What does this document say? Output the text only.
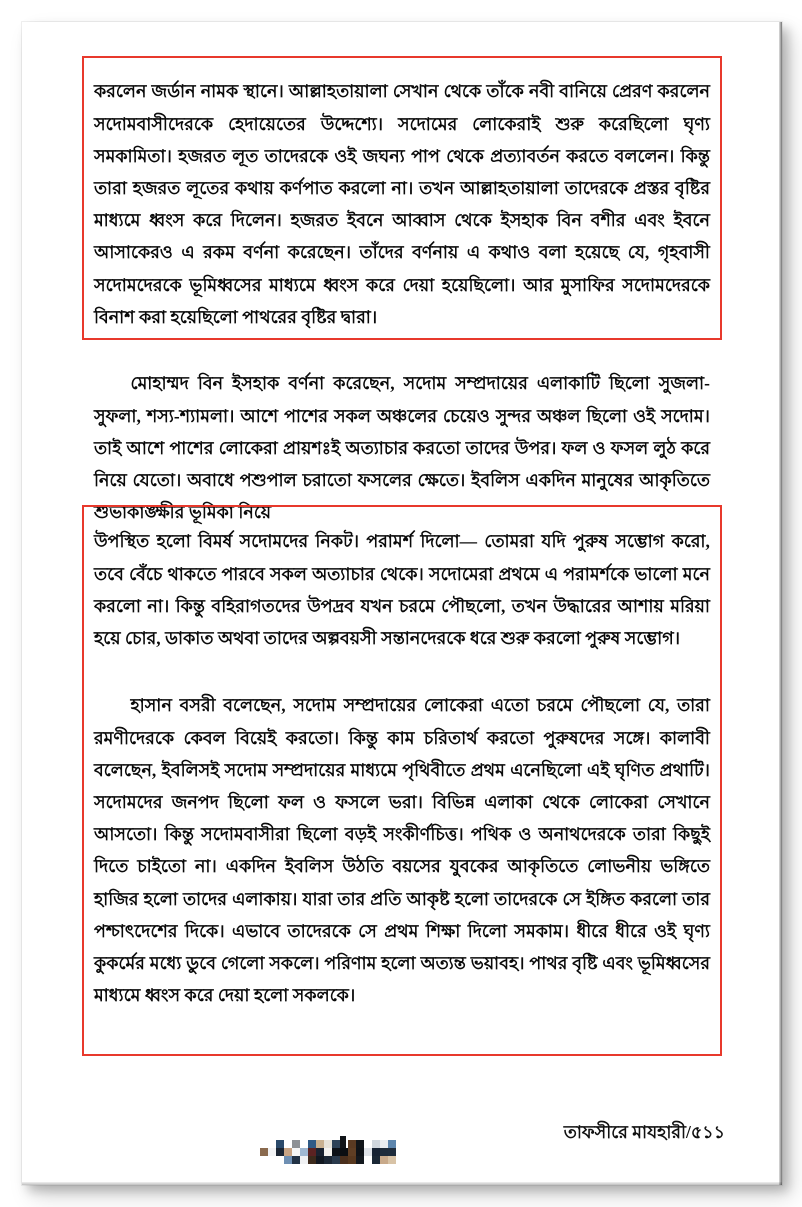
করলেন জর্ডান নামক স্থানে। আল্লাহতায়ালা সেখান থেকে তাঁকে নবী বানিয়ে প্রেরণ করলেন সদোমবাসীদেরকে হেদায়েতের উদ্দেশ্যে। সদোমের লোকেরাই শুরু করেছিলো ঘৃণ্য সমকামিতা। হজরত লূত তাদেরকে ওই জঘন্য পাপ থেকে প্রত্যাবর্তন করতে বললেন। কিন্তু তারা হজরত লূতের কথায় কর্ণপাত করলো না। তখন আল্লাহতায়ালা তাদেরকে প্রস্তর বৃষ্টির মাধ্যমে ধ্বংস করে দিলেন। হজরত ইবনে আব্বাস থেকে ইসহাক বিন বশীর এবং ইবনে আসাকেরও এ রকম বর্ণনা করেছেন। তাঁদের বর্ণনায় এ কথাও বলা হয়েছে যে, গৃহবাসী সদোমদেরকে ভূমিধ্বসের মাধ্যমে ধ্বংস করে দেয়া হয়েছিলো। আর মুসাফির সদোমদেরকে বিনাশ করা হয়েছিলো পাথরের বৃষ্টির দ্বারা।

মোহাম্মদ বিন ইসহাক বর্ণনা করেছেন, সদোম সম্প্রদায়ের এলাকাটি ছিলো সুজলা-সুফলা, শস্য-শ্যামলা। আশে পাশের সকল অঞ্চলের চেয়েও সুন্দর অঞ্চল ছিলো ওই সদোম। তাই আশে পাশের লোকেরা প্রায়শঃই অত্যাচার করতো তাদের উপর। ফল ও ফসল লুঠ করে নিয়ে যেতো। অবাধে পশুপাল চরাতো ফসলের ক্ষেতে। ইবলিস একদিন মানুষের আকৃতিতে শুভাকাঙ্ক্ষীর ভূমিকা নিয়ে

উপস্থিত হলো বিমর্ষ সদোমদের নিকট। পরামর্শ দিলো— তোমরা যদি পুরুষ সম্ভোগ করো, তবে বেঁচে থাকতে পারবে সকল অত্যাচার থেকে। সদোমেরা প্রথমে এ পরামর্শকে ভালো মনে করলো না। কিন্তু বহিরাগতদের উপদ্রব যখন চরমে পৌছলো, তখন উদ্ধারের আশায় মরিয়া হয়ে চোর, ডাকাত অথবা তাদের অল্পবয়সী সন্তানদেরকে ধরে শুরু করলো পুরুষ সম্ভোগ।

হাসান বসরী বলেছেন, সদোম সম্প্রদায়ের লোকেরা এতো চরমে পৌছলো যে, তারা রমণীদেরকে কেবল বিয়েই করতো। কিন্তু কাম চরিতার্থ করতো পুরুষদের সঙ্গে। কালাবী বলেছেন, ইবলিসই সদোম সম্প্রদায়ের মাধ্যমে পৃথিবীতে প্রথম এনেছিলো এই ঘৃণিত প্রথাটি। সদোমদের জনপদ ছিলো ফল ও ফসলে ভরা। বিভিন্ন এলাকা থেকে লোকেরা সেখানে আসতো। কিন্তু সদোমবাসীরা ছিলো বড়ই সংকীর্ণচিত্ত। পথিক ও অনাথদেরকে তারা কিছুই দিতে চাইতো না। একদিন ইবলিস উঠতি বয়সের যুবকের আকৃতিতে লোভনীয় ভঙ্গিতে হাজির হলো তাদের এলাকায়। যারা তার প্রতি আকৃষ্ট হলো তাদেরকে সে ইঙ্গিত করলো তার পশ্চাৎদেশের দিকে। এভাবে তাদেরকে সে প্রথম শিক্ষা দিলো সমকাম। ধীরে ধীরে ওই ঘৃণ্য কুকর্মের মধ্যে ডুবে গেলো সকলে। পরিণাম হলো অত্যন্ত ভয়াবহ। পাথর বৃষ্টি এবং ভূমিধ্বসের মাধ্যমে ধ্বংস করে দেয়া হলো সকলকে।

তাফসীরে মাযহারী/৫১১
